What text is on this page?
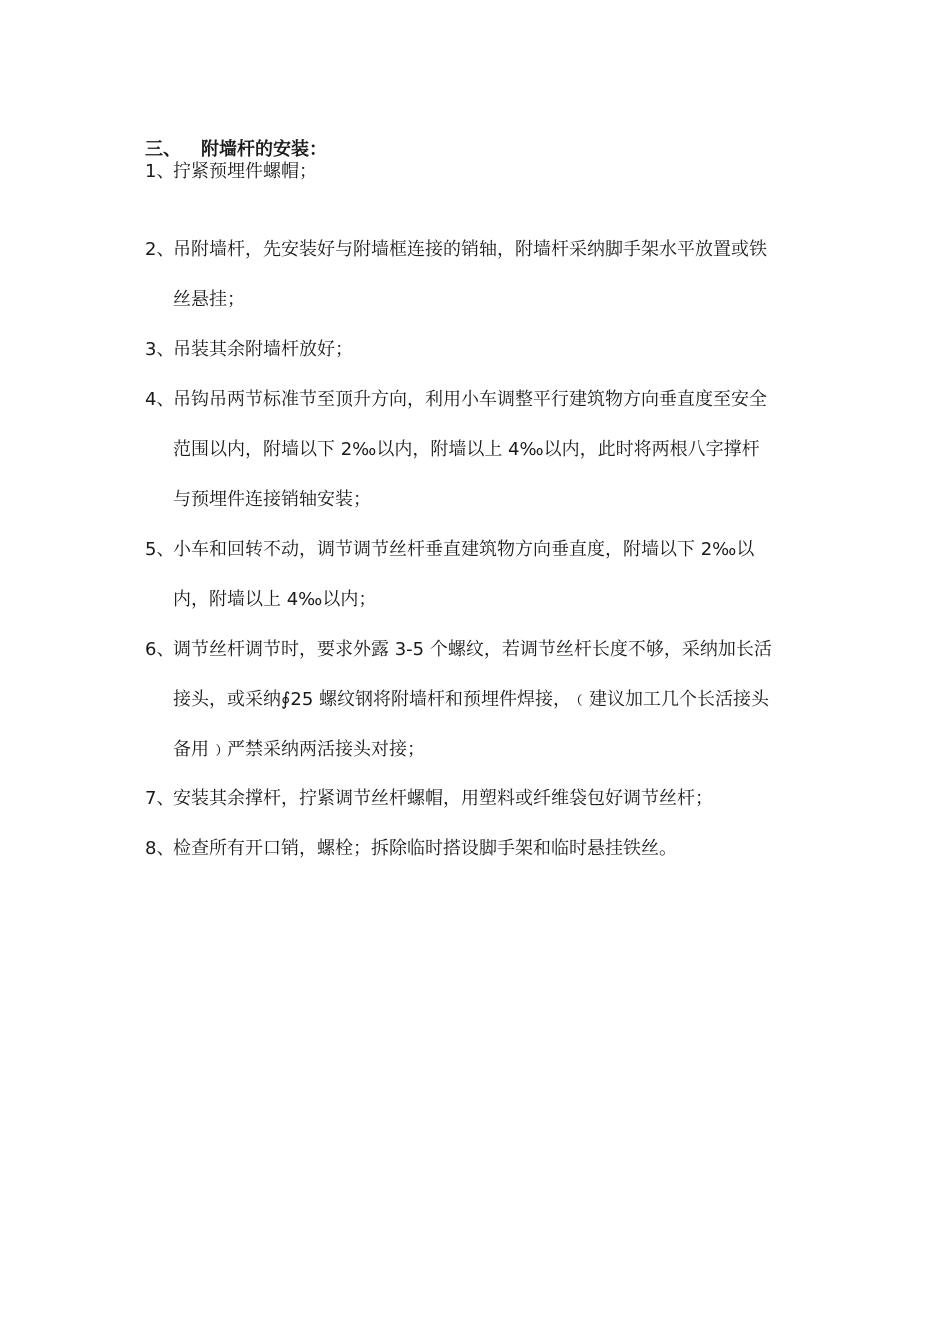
三、 附墙杆的安装：
1、
拧紧预埋件螺帽；
2、
吊附墙杆，先安装好与附墙框连接的销轴，附墙杆采纳脚手架水平放置或铁
丝悬挂；
3、
吊装其余附墙杆放好；
4、
吊钩吊两节标准节至顶升方向，利用小车调整平行建筑物方向垂直度至安全
范围以内，附墙以下 2‰以内，附墙以上 4‰以内，此时将两根八字撑杆
与预埋件连接销轴安装；
5、
小车和回转不动，调节调节丝杆垂直建筑物方向垂直度，附墙以下 2‰以
内，附墙以上 4‰以内；
6、
调节丝杆调节时，要求外露 3-5 个螺纹，若调节丝杆长度不够，采纳加长活
接头，或采纳∮25 螺纹钢将附墙杆和预埋件焊接，﹙建议加工几个长活接头
备用﹚严禁采纳两活接头对接；
7、
安装其余撑杆，拧紧调节丝杆螺帽，用塑料或纤维袋包好调节丝杆；
8、
检查所有开口销，螺栓；拆除临时搭设脚手架和临时悬挂铁丝。
